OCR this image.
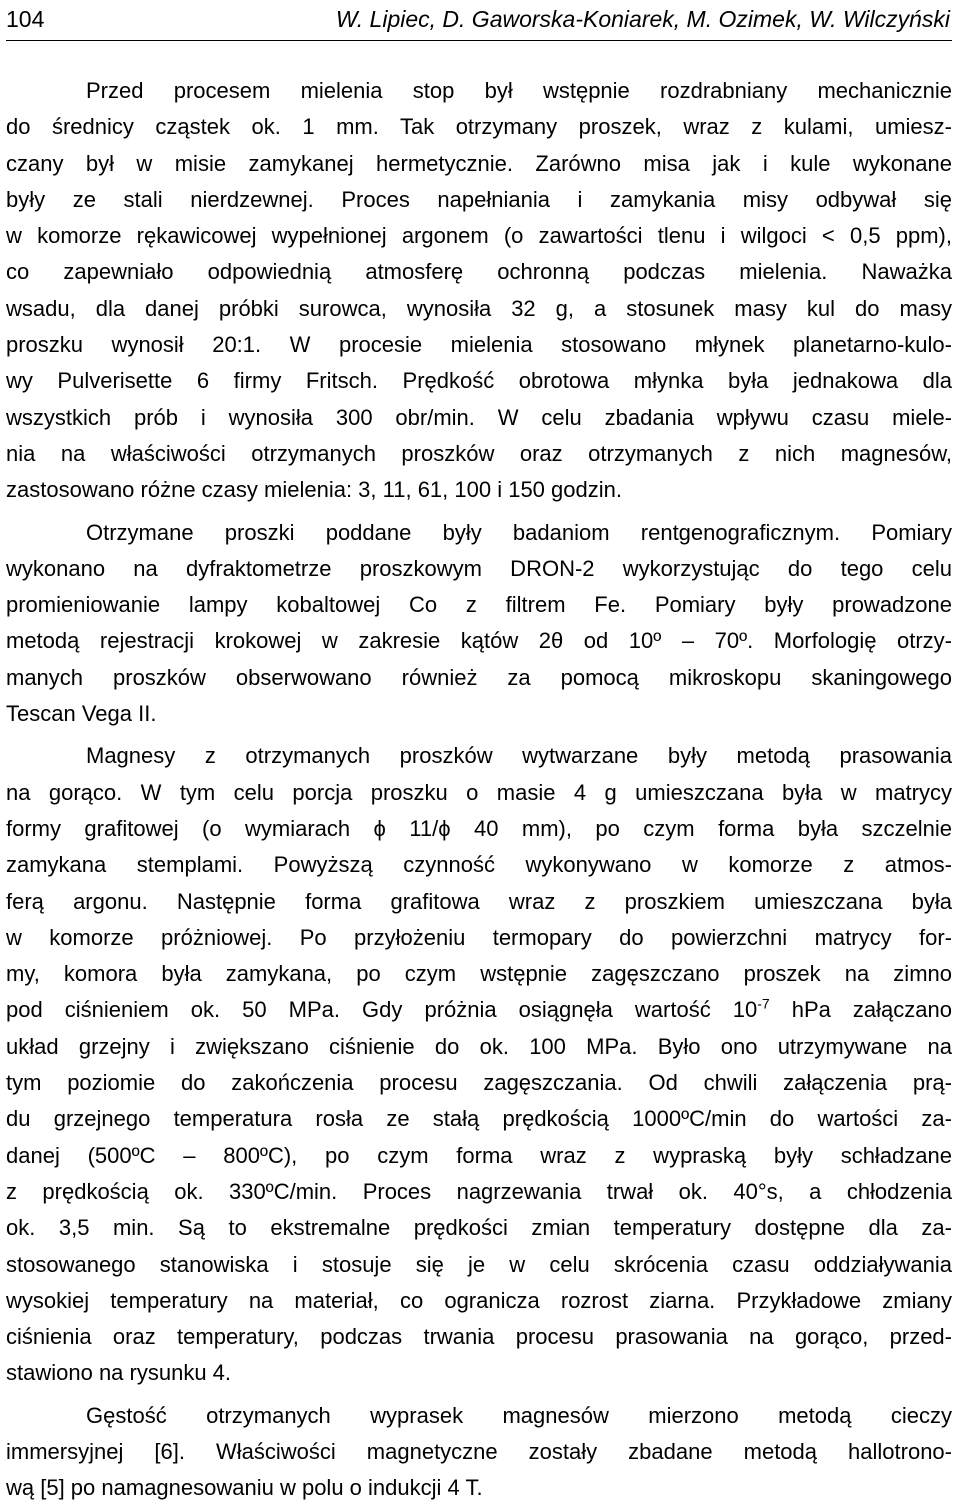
104	W. Lipiec, D. Gaworska-Koniarek, M. Ozimek, W. Wilczyński

Przed procesem mielenia stop był wstępnie rozdrabniany mechanicznie
do średnicy cząstek ok. 1 mm. Tak otrzymany proszek, wraz z kulami, umiesz-
czany był w misie zamykanej hermetycznie. Zarówno misa jak i kule wykonane
były ze stali nierdzewnej. Proces napełniania i zamykania misy odbywał się
w komorze rękawicowej wypełnionej argonem (o zawartości tlenu i wilgoci < 0,5 ppm),
co zapewniało odpowiednią atmosferę ochronną podczas mielenia. Naważka
wsadu, dla danej próbki surowca, wynosiła 32 g, a stosunek masy kul do masy
proszku wynosił 20:1. W procesie mielenia stosowano młynek planetarno-kulo-
wy Pulverisette 6 firmy Fritsch. Prędkość obrotowa młynka była jednakowa dla
wszystkich prób i wynosiła 300 obr/min. W celu zbadania wpływu czasu miele-
nia na właściwości otrzymanych proszków oraz otrzymanych z nich magnesów,
zastosowano różne czasy mielenia: 3, 11, 61, 100 i 150 godzin.

Otrzymane proszki poddane były badaniom rentgenograficznym. Pomiary
wykonano na dyfraktometrze proszkowym DRON-2 wykorzystując do tego celu
promieniowanie lampy kobaltowej Co z filtrem Fe. Pomiary były prowadzone
metodą rejestracji krokowej w zakresie kątów 2θ od 10º – 70º. Morfologię otrzy-
manych proszków obserwowano również za pomocą mikroskopu skaningowego
Tescan Vega II.

Magnesy z otrzymanych proszków wytwarzane były metodą prasowania
na gorąco. W tym celu porcja proszku o masie 4 g umieszczana była w matrycy
formy grafitowej (o wymiarach ϕ 11/ϕ 40 mm), po czym forma była szczelnie
zamykana stemplami. Powyższą czynność wykonywano w komorze z atmos-
ferą argonu. Następnie forma grafitowa wraz z proszkiem umieszczana była
w komorze próżniowej. Po przyłożeniu termopary do powierzchni matrycy for-
my, komora była zamykana, po czym wstępnie zagęszczano proszek na zimno
pod ciśnieniem ok. 50 MPa. Gdy próżnia osiągnęła wartość $10^{-7}$ hPa załączano
układ grzejny i zwiększano ciśnienie do ok. 100 MPa. Było ono utrzymywane na
tym poziomie do zakończenia procesu zagęszczania. Od chwili załączenia prą-
du grzejnego temperatura rosła ze stałą prędkością 1000ºC/min do wartości za-
danej (500ºC – 800ºC), po czym forma wraz z wypraską były schładzane
z prędkością ok. 330ºC/min. Proces nagrzewania trwał ok. 40°s, a chłodzenia
ok. 3,5 min. Są to ekstremalne prędkości zmian temperatury dostępne dla za-
stosowanego stanowiska i stosuje się je w celu skrócenia czasu oddziaływania
wysokiej temperatury na materiał, co ogranicza rozrost ziarna. Przykładowe zmiany
ciśnienia oraz temperatury, podczas trwania procesu prasowania na gorąco, przed-
stawiono na rysunku 4.

Gęstość otrzymanych wyprasek magnesów mierzono metodą cieczy
immersyjnej [6]. Właściwości magnetyczne zostały zbadane metodą hallotrono-
wą [5] po namagnesowaniu w polu o indukcji 4 T.
